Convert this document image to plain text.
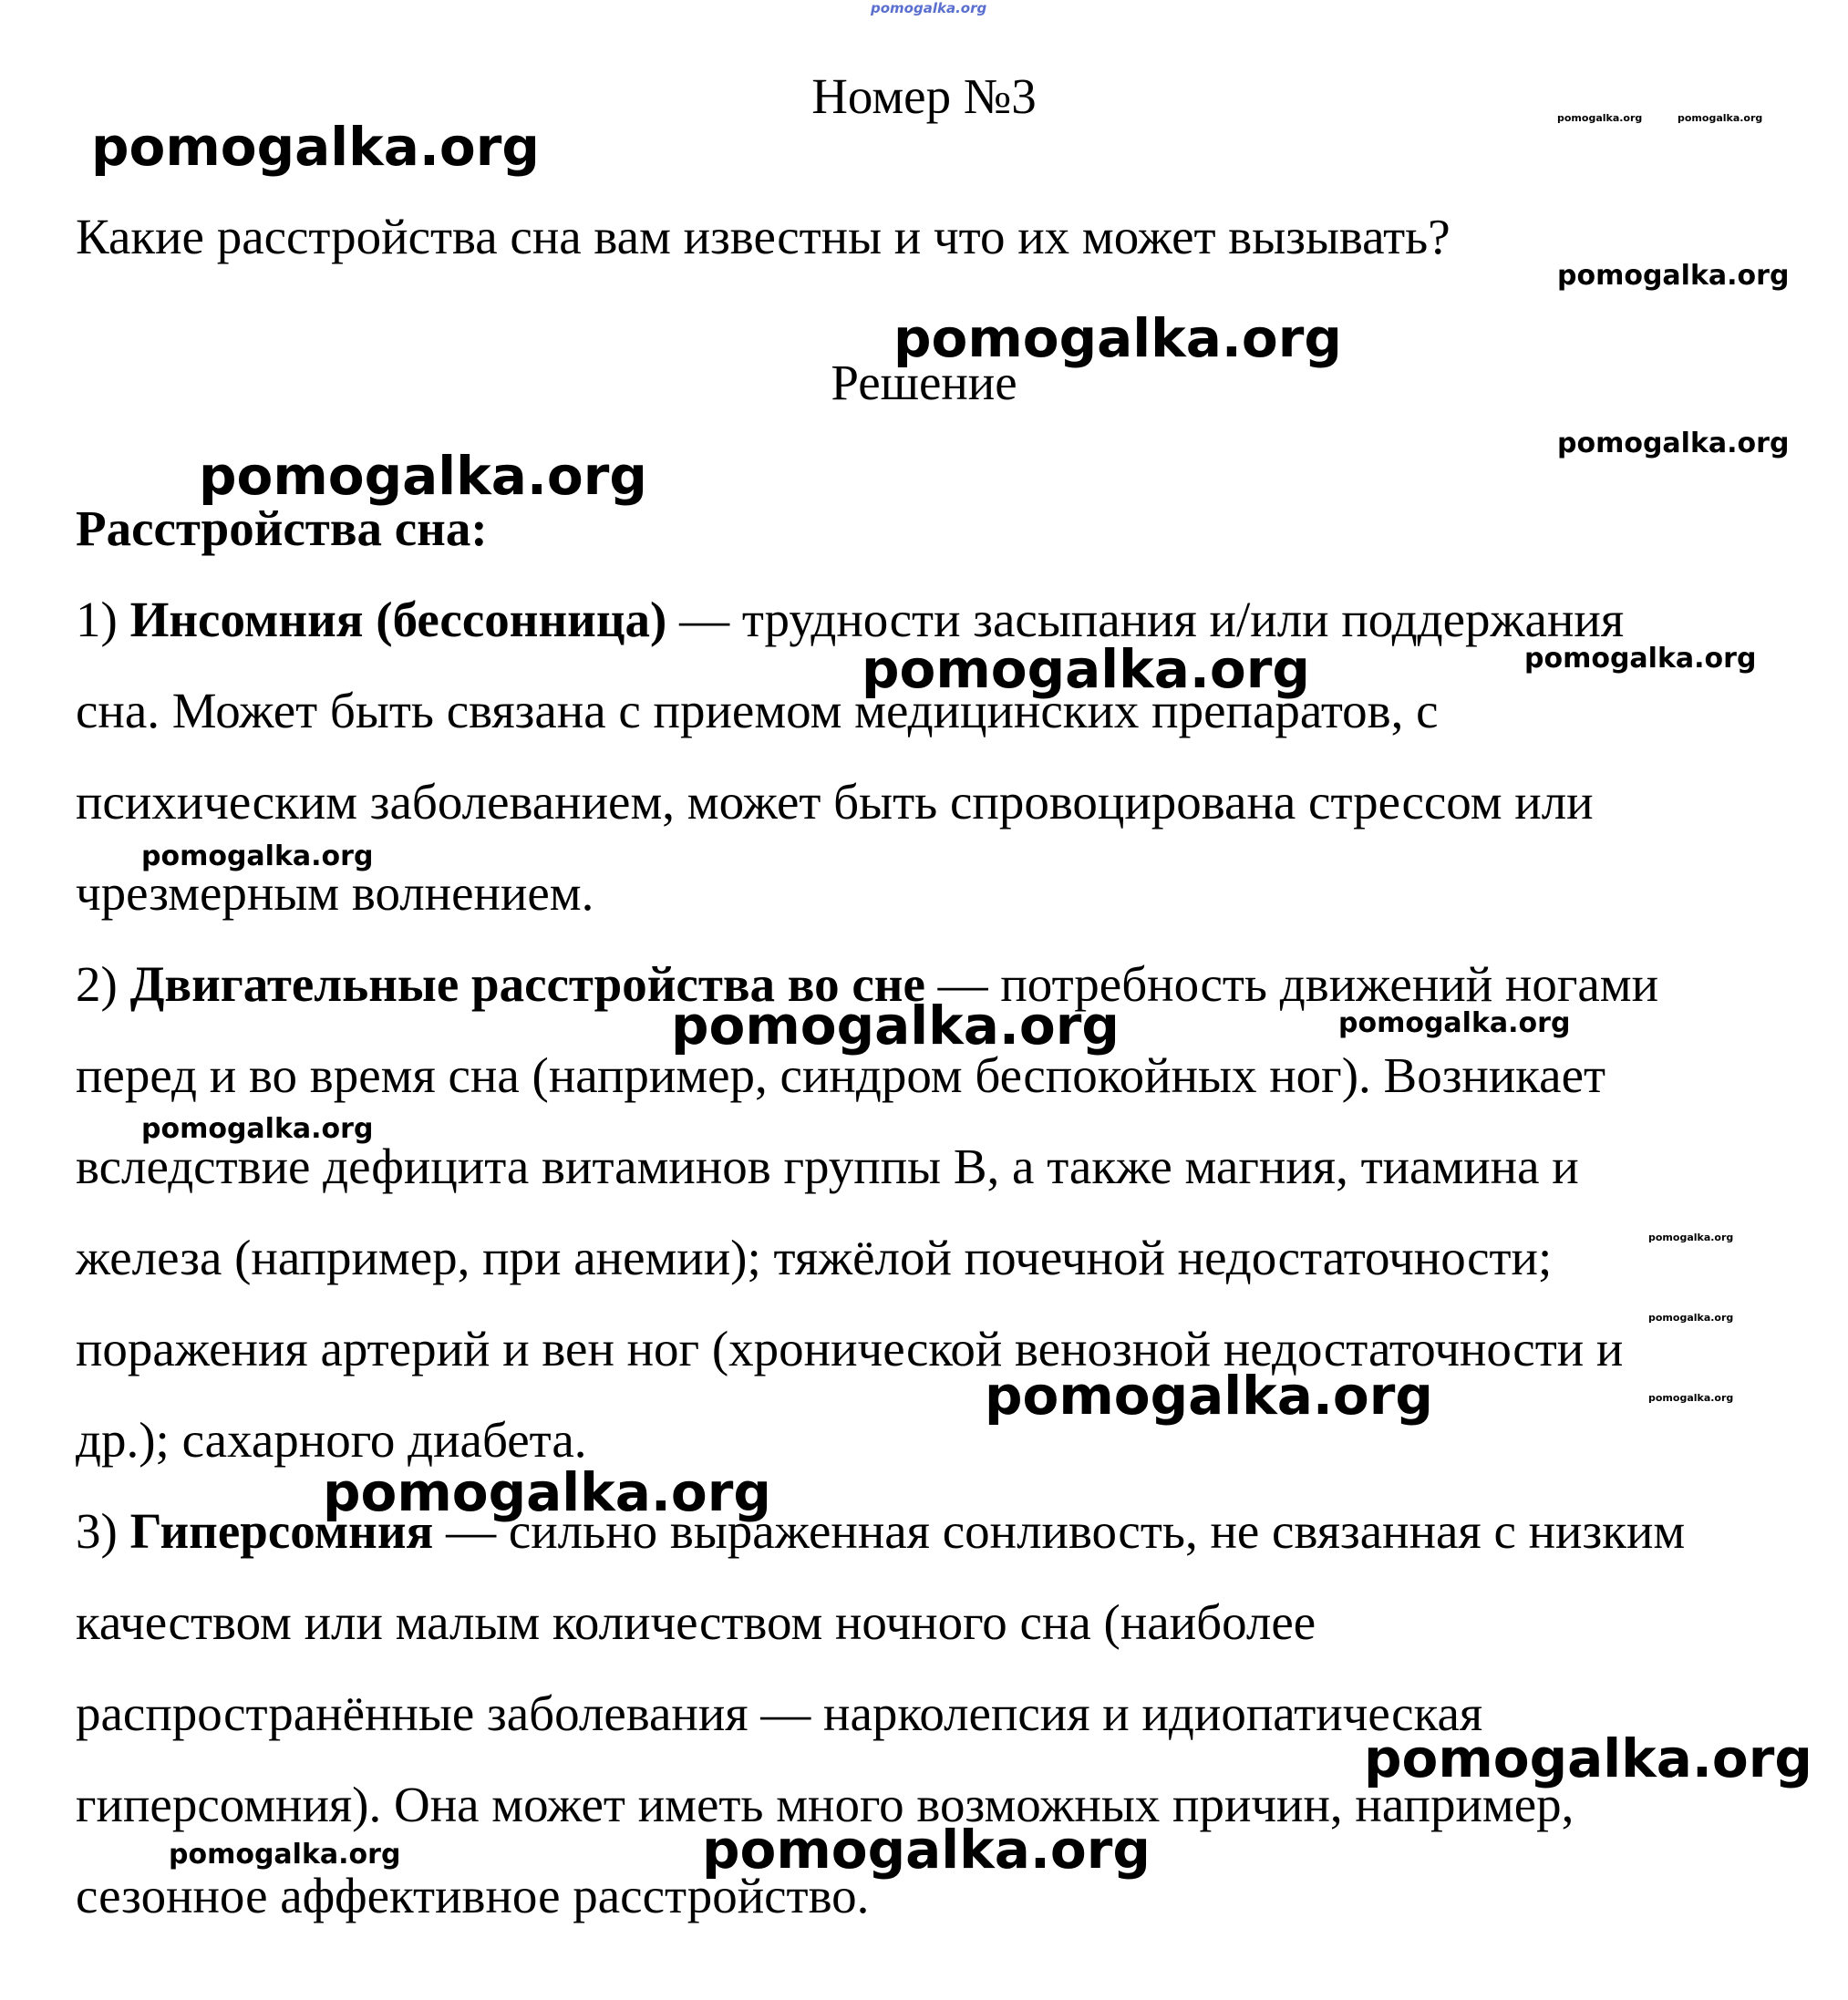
pomogalka.org
Номер №3
Какие расстройства сна вам известны и что их может вызывать?
Решение
Расстройства сна:
1) Инсомния (бессонница) — трудности засыпания и/или поддержания
сна. Может быть связана с приемом медицинских препаратов, с
психическим заболеванием, может быть спровоцирована стрессом или
чрезмерным волнением.
2) Двигательные расстройства во сне — потребность движений ногами
перед и во время сна (например, синдром беспокойных ног). Возникает
вследствие дефицита витаминов группы В, а также магния, тиамина и
железа (например, при анемии); тяжёлой почечной недостаточности;
поражения артерий и вен ног (хронической венозной недостаточности и
др.); сахарного диабета.
3) Гиперсомния — сильно выраженная сонливость, не связанная с низким
качеством или малым количеством ночного сна (наиболее
распространённые заболевания — нарколепсия и идиопатическая
гиперсомния). Она может иметь много возможных причин, например,
сезонное аффективное расстройство.
pomogalka.org
pomogalka.org
pomogalka.org
pomogalka.org
pomogalka.org
pomogalka.org
pomogalka.org
pomogalka.org
pomogalka.org
pomogalka.org
pomogalka.org
pomogalka.org
pomogalka.org
pomogalka.org
pomogalka.org
pomogalka.org
pomogalka.org	pomogalka.org
pomogalka.org
pomogalka.org
pomogalka.org
